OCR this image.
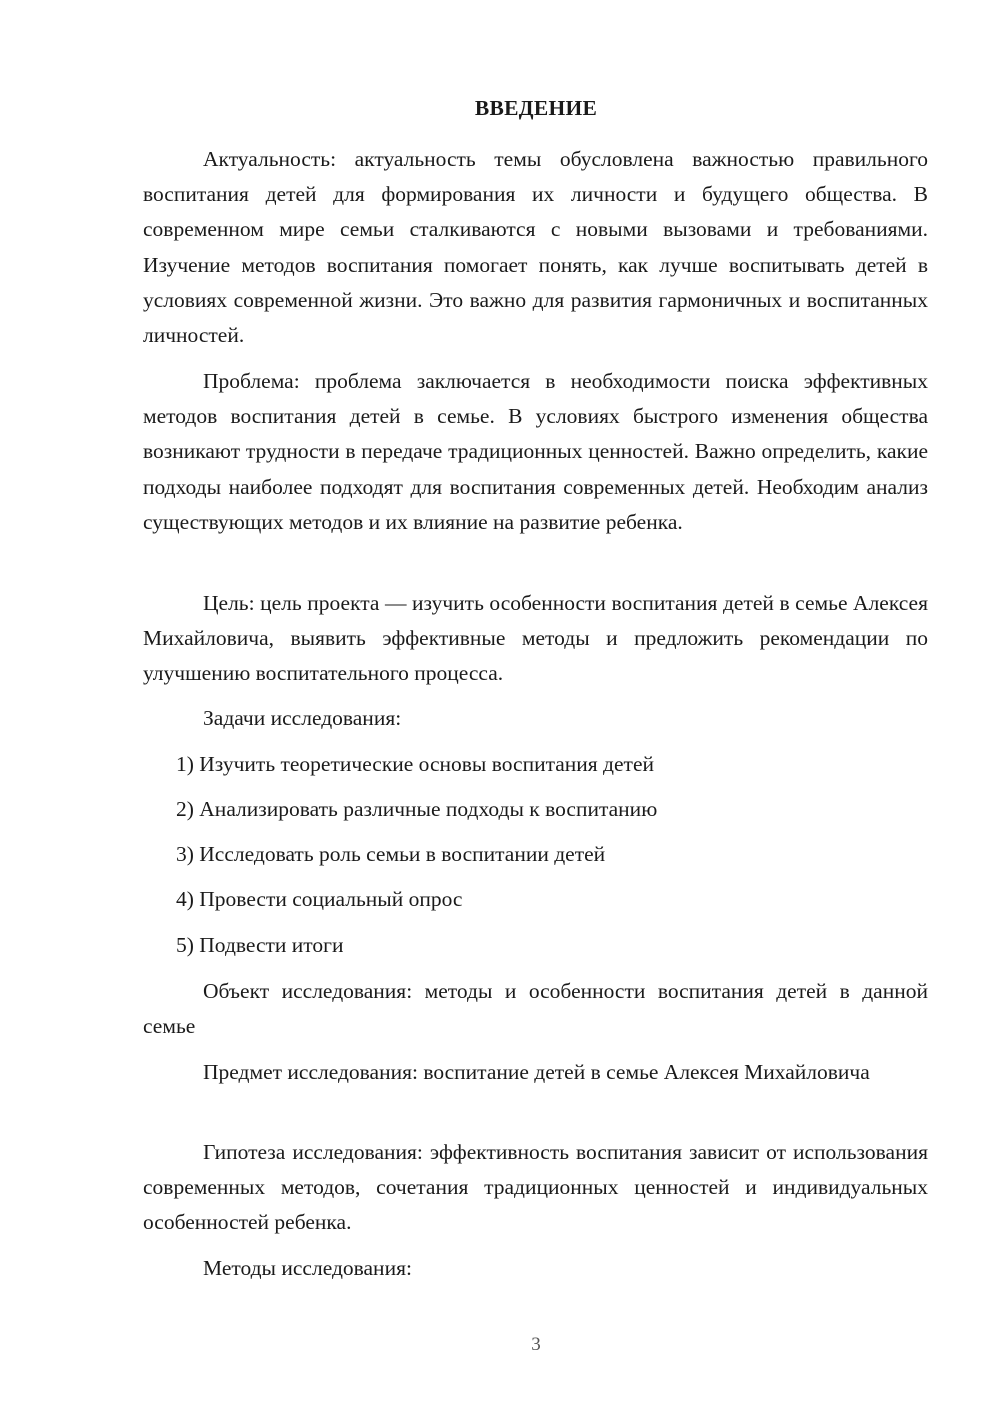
ВВЕДЕНИЕ

Актуальность: актуальность темы обусловлена важностью правильного воспитания детей для формирования их личности и будущего общества. В современном мире семьи сталкиваются с новыми вызовами и требованиями. Изучение методов воспитания помогает понять, как лучше воспитывать детей в условиях современной жизни. Это важно для развития гармоничных и воспитанных личностей.

Проблема: проблема заключается в необходимости поиска эффективных методов воспитания детей в семье. В условиях быстрого изменения общества возникают трудности в передаче традиционных ценностей. Важно определить, какие подходы наиболее подходят для воспитания современных детей. Необходим анализ существующих методов и их влияние на развитие ребенка.

Цель: цель проекта — изучить особенности воспитания детей в семье Алексея Михайловича, выявить эффективные методы и предложить рекомендации по улучшению воспитательного процесса.

Задачи исследования:

1) Изучить теоретические основы воспитания детей

2) Анализировать различные подходы к воспитанию

3) Исследовать роль семьи в воспитании детей

4) Провести социальный опрос

5) Подвести итоги

Объект исследования: методы и особенности воспитания детей в данной семье

Предмет исследования: воспитание детей в семье Алексея Михайловича

Гипотеза исследования: эффективность воспитания зависит от использования современных методов, сочетания традиционных ценностей и индивидуальных особенностей ребенка.

Методы исследования:

3
